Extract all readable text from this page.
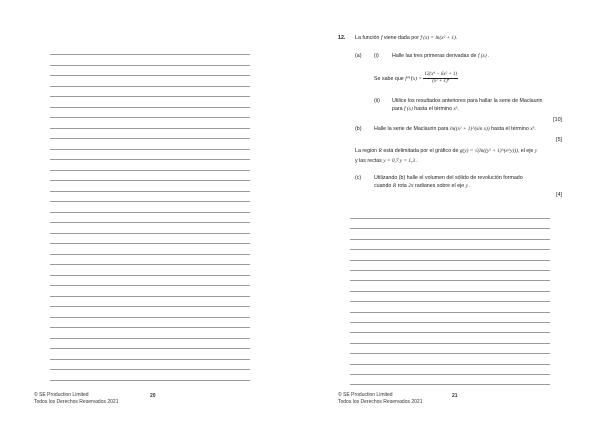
© SE Production Limited
Todos los Derechos Reservados 2021
20
12. La función f viene dada por f (x) = ln(x² + 1).
(a) (i)	Halle las tres primeras derivadas de f (x) .
Se sabe que $f^{(4)}(x) = \frac{\text{12(x⁴ − 6x² + 1)}}{\text{(x² + 1)⁴}}$
(ii) Utilice los resultados anteriores para hallar la serie de Maclaurin
para f (x) hasta el término x⁶.
[10]
(b) Halle la serie de Maclaurin para ln((x² + 1)^(sin x)) hasta el término x⁵.
[5]
La region R está delimitada por el gráfico de g(y) = √(ln((y² + 1)^(e^y))), el eje y
y las rectas y = 0,7 y = 1,3 .
(c) Utilizando (b) halle el volumen del sólido de revolución formado
cuando R rota 2π radianes sobre el eje y .
[4]
© SE Production Limited
Todos los Derechos Reservados 2021
21
